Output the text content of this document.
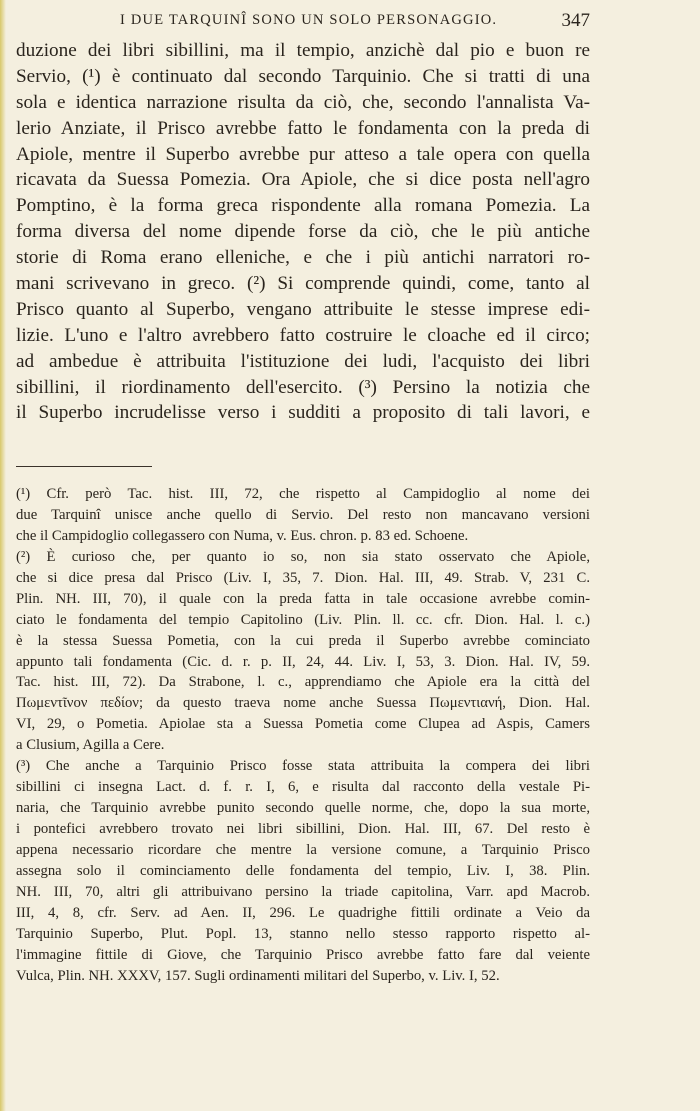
I DUE TARQUINÎ SONO UN SOLO PERSONAGGIO.	347
duzione dei libri sibillini, ma il tempio, anzichè dal pio e buon re
Servio, (¹) è continuato dal secondo Tarquinio. Che si tratti di una
sola e identica narrazione risulta da ciò, che, secondo l'annalista Va-
lerio Anziate, il Prisco avrebbe fatto le fondamenta con la preda di
Apiole, mentre il Superbo avrebbe pur atteso a tale opera con quella
ricavata da Suessa Pomezia. Ora Apiole, che si dice posta nell'agro
Pomptino, è la forma greca rispondente alla romana Pomezia. La
forma diversa del nome dipende forse da ciò, che le più antiche
storie di Roma erano elleniche, e che i più antichi narratori ro-
mani scrivevano in greco. (²) Si comprende quindi, come, tanto al
Prisco quanto al Superbo, vengano attribuite le stesse imprese edi-
lizie. L'uno e l'altro avrebbero fatto costruire le cloache ed il circo;
ad ambedue è attribuita l'istituzione dei ludi, l'acquisto dei libri
sibillini, il riordinamento dell'esercito. (³) Persino la notizia che
il Superbo incrudelisse verso i sudditi a proposito di tali lavori, e
(¹) Cfr. però Tac. hist. III, 72, che rispetto al Campidoglio al nome dei
due Tarquinî unisce anche quello di Servio. Del resto non mancavano versioni
che il Campidoglio collegassero con Numa, v. Eus. chron. p. 83 ed. Schoene.
(²) È curioso che, per quanto io so, non sia stato osservato che Apiole,
che si dice presa dal Prisco (Liv. I, 35, 7. Dion. Hal. III, 49. Strab. V, 231 C.
Plin. NH. III, 70), il quale con la preda fatta in tale occasione avrebbe comin-
ciato le fondamenta del tempio Capitolino (Liv. Plin. ll. cc. cfr. Dion. Hal. l. c.)
è la stessa Suessa Pometia, con la cui preda il Superbo avrebbe cominciato
appunto tali fondamenta (Cic. d. r. p. II, 24, 44. Liv. I, 53, 3. Dion. Hal. IV, 59.
Tac. hist. III, 72). Da Strabone, l. c., apprendiamo che Apiole era la città del
Πωμεντῖνον πεδίον; da questo traeva nome anche Suessa Πωμεντιανή, Dion. Hal.
VI, 29, o Pometia. Apiolae sta a Suessa Pometia come Clupea ad Aspis, Camers
a Clusium, Agilla a Cere.
(³) Che anche a Tarquinio Prisco fosse stata attribuita la compera dei libri
sibillini ci insegna Lact. d. f. r. I, 6, e risulta dal racconto della vestale Pi-
naria, che Tarquinio avrebbe punito secondo quelle norme, che, dopo la sua morte,
i pontefici avrebbero trovato nei libri sibillini, Dion. Hal. III, 67. Del resto è
appena necessario ricordare che mentre la versione comune, a Tarquinio Prisco
assegna solo il cominciamento delle fondamenta del tempio, Liv. I, 38. Plin.
NH. III, 70, altri gli attribuivano persino la triade capitolina, Varr. apd Macrob.
III, 4, 8, cfr. Serv. ad Aen. II, 296. Le quadrighe fittili ordinate a Veio da
Tarquinio Superbo, Plut. Popl. 13, stanno nello stesso rapporto rispetto al-
l'immagine fittile di Giove, che Tarquinio Prisco avrebbe fatto fare dal veiente
Vulca, Plin. NH. XXXV, 157. Sugli ordinamenti militari del Superbo, v. Liv. I, 52.
